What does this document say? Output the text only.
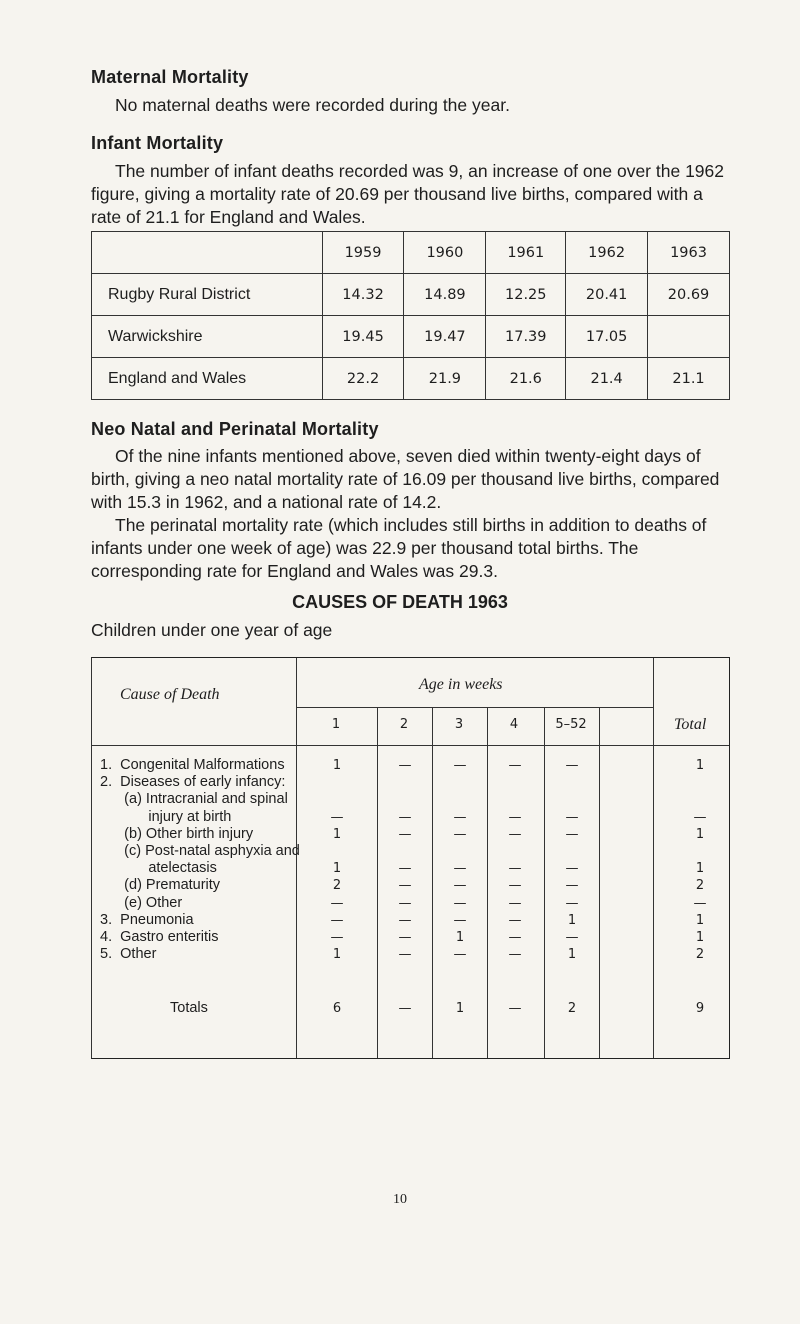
Maternal Mortality

No maternal deaths were recorded during the year.

Infant Mortality

The number of infant deaths recorded was 9, an increase of one over the 1962 figure, giving a mortality rate of 20.69 per thousand live births, compared with a rate of 21.1 for England and Wales.

	1959	1960	1961	1962	1963
Rugby Rural District	14.32	14.89	12.25	20.41	20.69
Warwickshire	19.45	19.47	17.39	17.05	
England and Wales	22.2	21.9	21.6	21.4	21.1
Neo Natal and Perinatal Mortality

Of the nine infants mentioned above, seven died within twenty-eight days of birth, giving a neo natal mortality rate of 16.09 per thousand live births, compared with 15.3 in 1962, and a national rate of 14.2.

The perinatal mortality rate (which includes still births in addition to deaths of infants under one week of age) was 22.9 per thousand total births. The corresponding rate for England and Wales was 29.3.

CAUSES OF DEATH 1963

Children under one year of age

Cause of Death
Age in weeks
Total
1	2	3	4	5–52
1.  Congenital Malformations	1	—	—	—	—	1
2.  Diseases of early infancy:
(a) Intracranial and spinal
injury at birth	—	—	—	—	—	—
(b) Other birth injury	1	—	—	—	—	1
(c) Post-natal asphyxia and
atelectasis	1	—	—	—	—	1
(d) Prematurity	2	—	—	—	—	2
(e) Other	—	—	—	—	—	—
3.  Pneumonia	—	—	—	—	1	1
4.  Gastro enteritis	—	—	1	—	—	1
5.  Other	1	—	—	—	1	2
Totals	6	—	1	—	2	9
10
